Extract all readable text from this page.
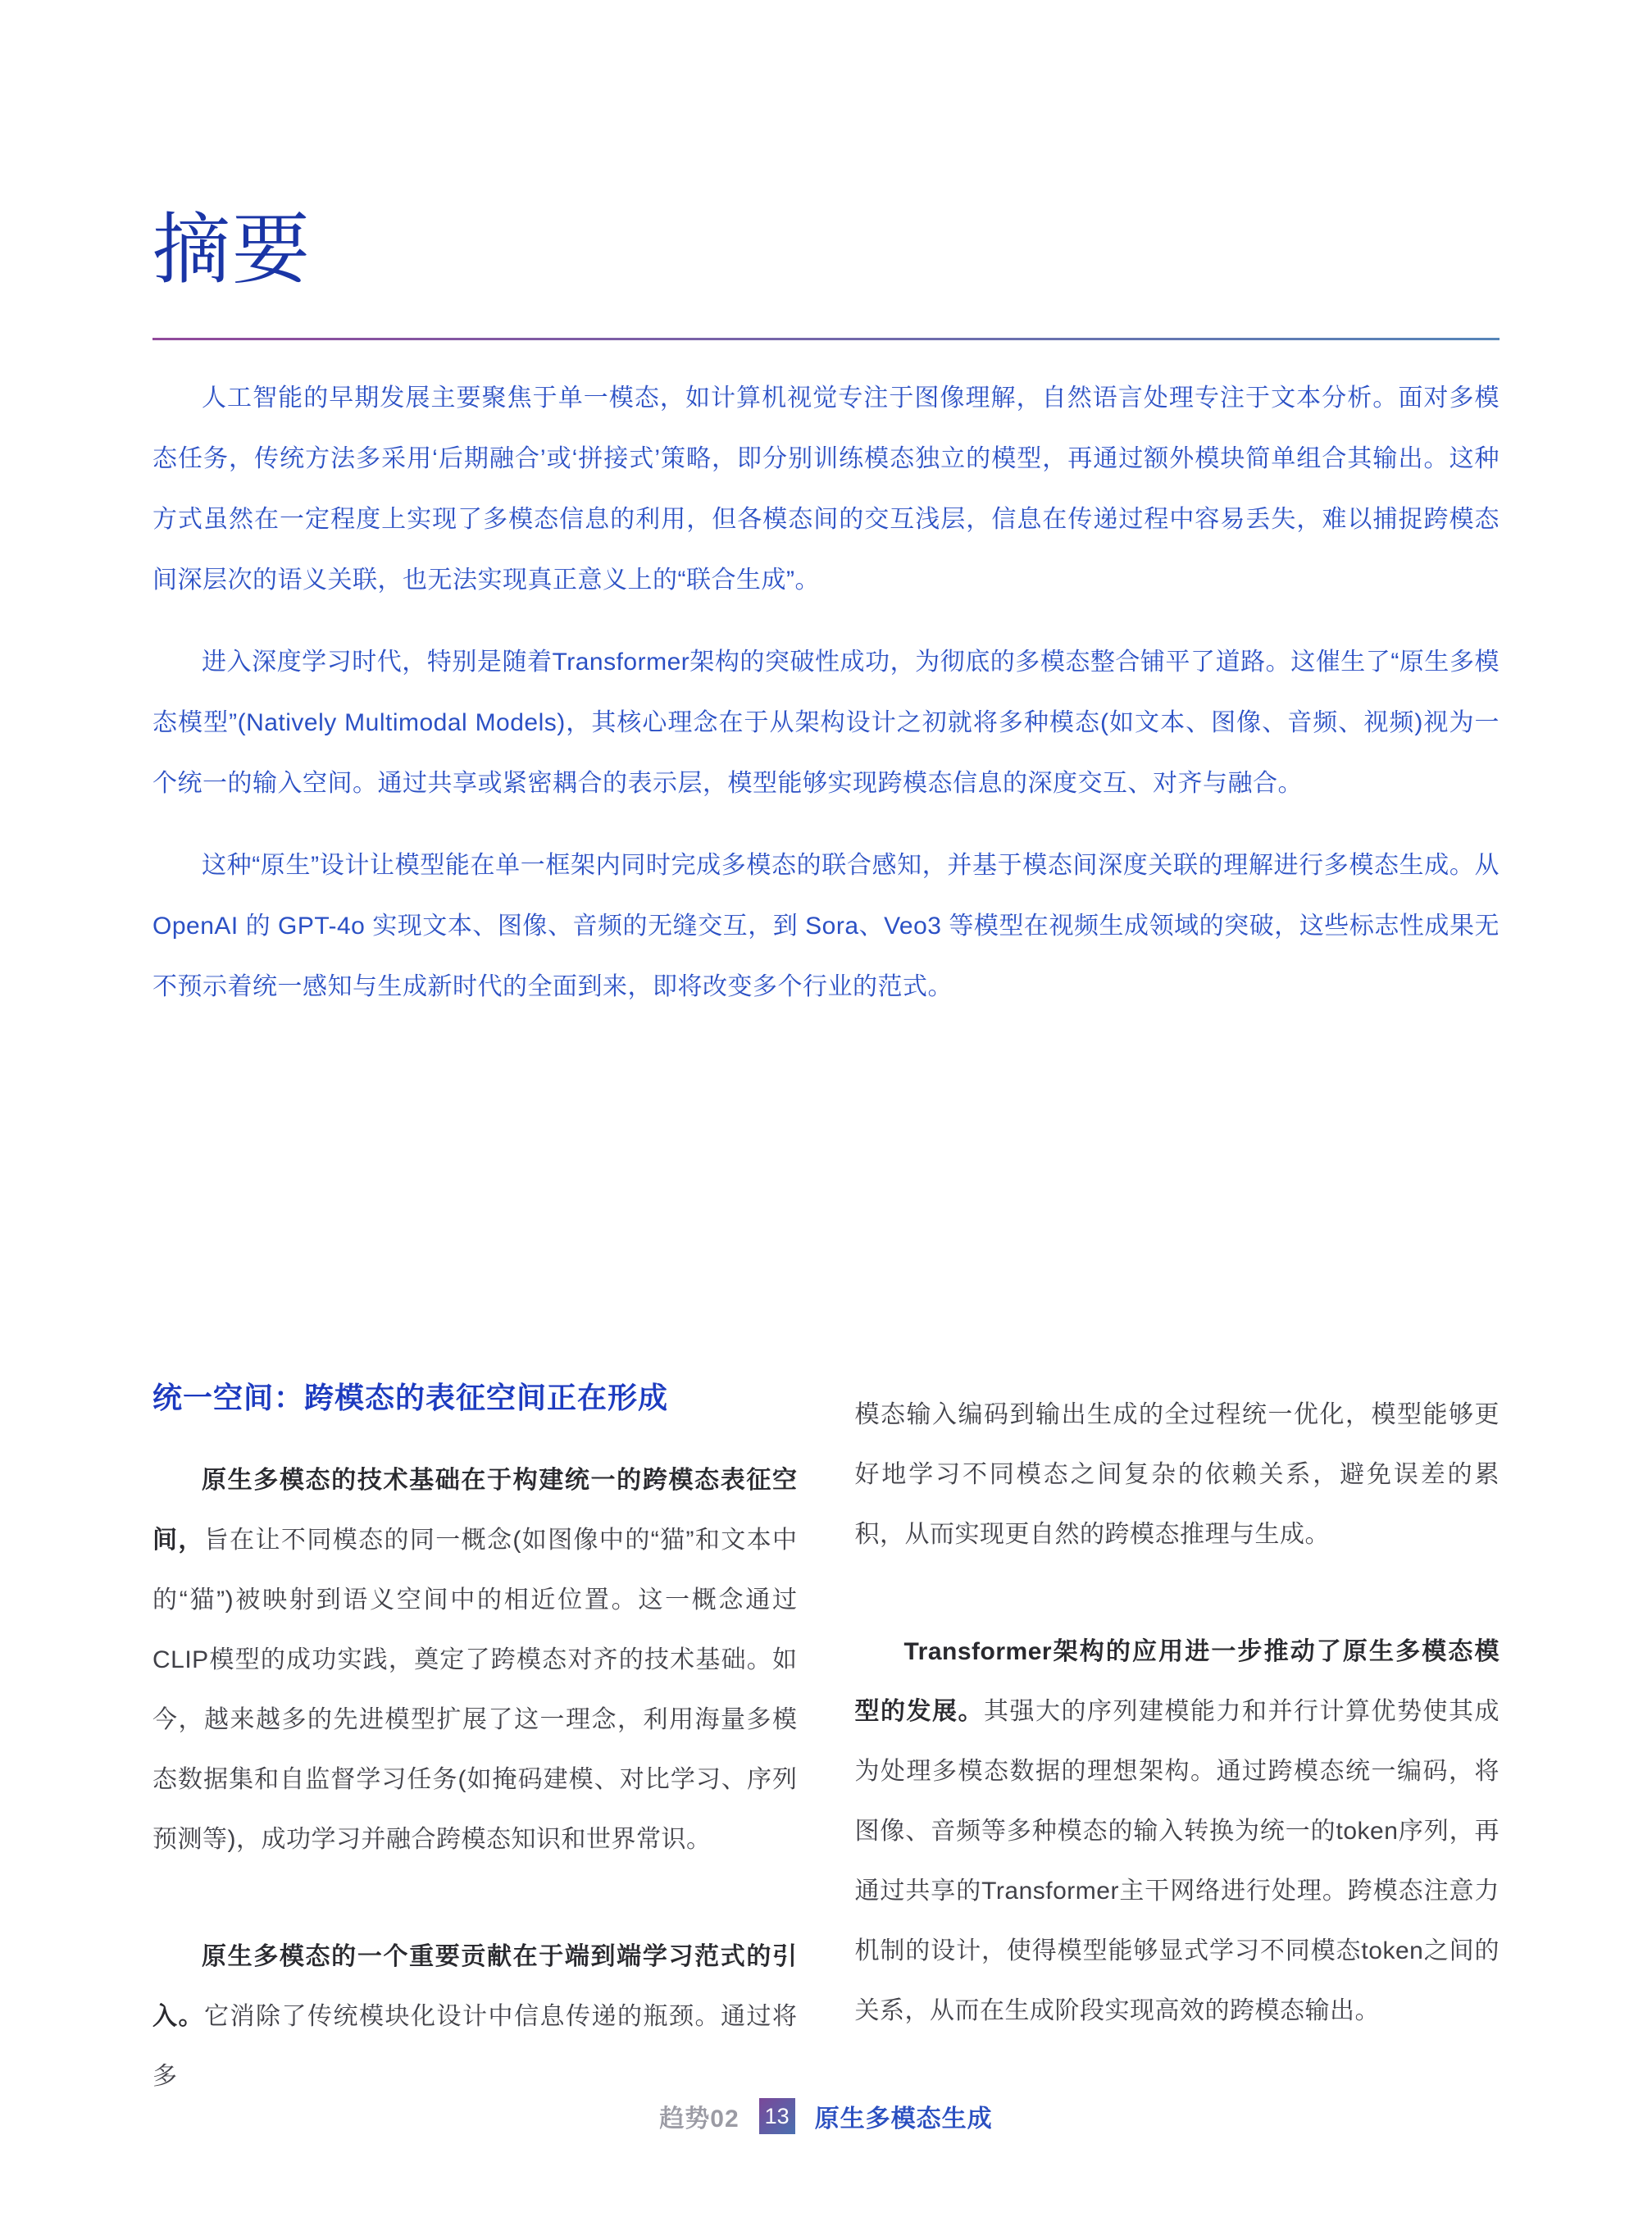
摘要

人工智能的早期发展主要聚焦于单一模态，如计算机视觉专注于图像理解，自然语言处理专注于文本分析。面对多模态任务，传统方法多采用‘后期融合’或‘拼接式’策略，即分别训练模态独立的模型，再通过额外模块简单组合其输出。这种方式虽然在一定程度上实现了多模态信息的利用，但各模态间的交互浅层，信息在传递过程中容易丢失，难以捕捉跨模态间深层次的语义关联，也无法实现真正意义上的“联合生成”。

进入深度学习时代，特别是随着Transformer架构的突破性成功，为彻底的多模态整合铺平了道路。这催生了“原生多模态模型”(Natively Multimodal Models)，其核心理念在于从架构设计之初就将多种模态(如文本、图像、音频、视频)视为一个统一的输入空间。通过共享或紧密耦合的表示层，模型能够实现跨模态信息的深度交互、对齐与融合。

这种“原生”设计让模型能在单一框架内同时完成多模态的联合感知，并基于模态间深度关联的理解进行多模态生成。从 OpenAI 的 GPT-4o 实现文本、图像、音频的无缝交互，到 Sora、Veo3 等模型在视频生成领域的突破，这些标志性成果无不预示着统一感知与生成新时代的全面到来，即将改变多个行业的范式。

统一空间：跨模态的表征空间正在形成

原生多模态的技术基础在于构建统一的跨模态表征空间，旨在让不同模态的同一概念(如图像中的“猫”和文本中的“猫”)被映射到语义空间中的相近位置。这一概念通过CLIP模型的成功实践，奠定了跨模态对齐的技术基础。如今，越来越多的先进模型扩展了这一理念，利用海量多模态数据集和自监督学习任务(如掩码建模、对比学习、序列预测等)，成功学习并融合跨模态知识和世界常识。

原生多模态的一个重要贡献在于端到端学习范式的引入。它消除了传统模块化设计中信息传递的瓶颈。通过将多

模态输入编码到输出生成的全过程统一优化，模型能够更好地学习不同模态之间复杂的依赖关系，避免误差的累积，从而实现更自然的跨模态推理与生成。

Transformer架构的应用进一步推动了原生多模态模型的发展。其强大的序列建模能力和并行计算优势使其成为处理多模态数据的理想架构。通过跨模态统一编码，将图像、音频等多种模态的输入转换为统一的token序列，再通过共享的Transformer主干网络进行处理。跨模态注意力机制的设计，使得模型能够显式学习不同模态token之间的关系，从而在生成阶段实现高效的跨模态输出。

趋势02 13 原生多模态生成
